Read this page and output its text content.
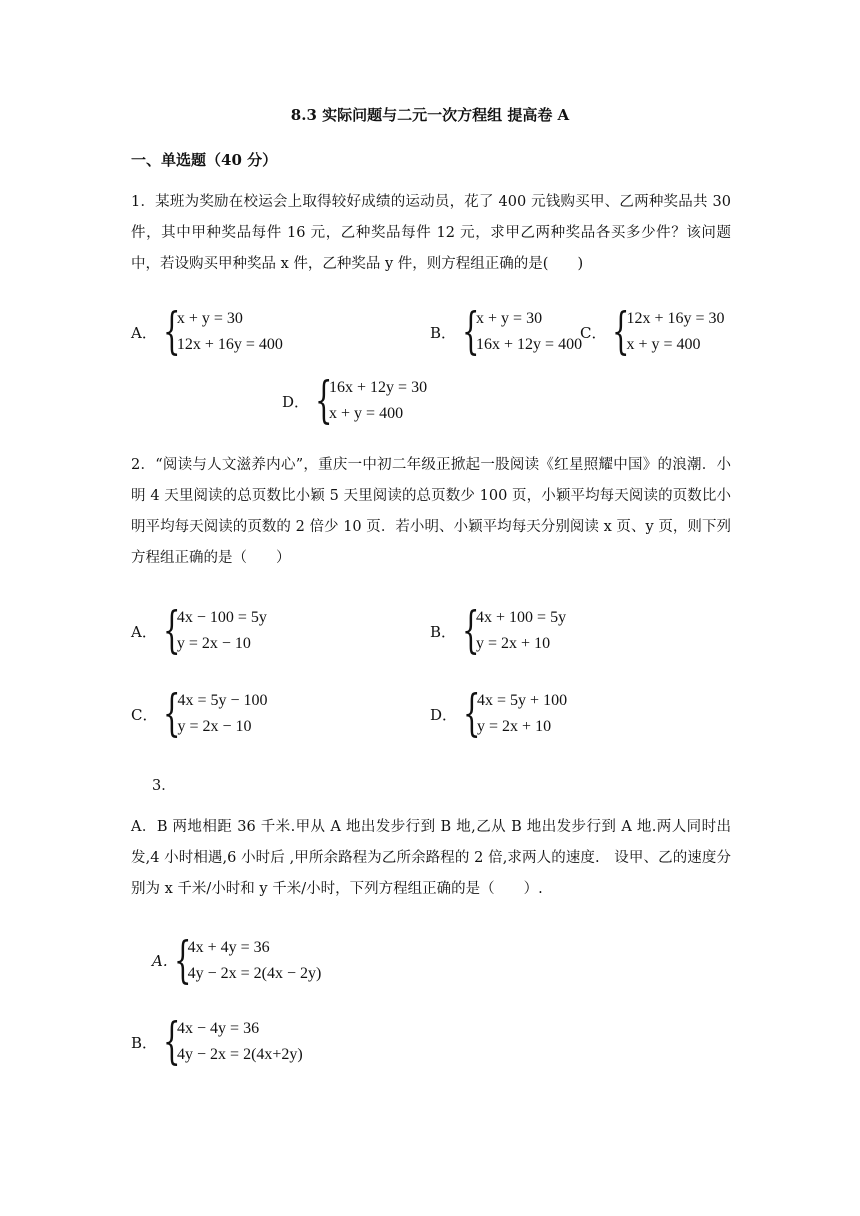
8.3 实际问题与二元一次方程组 提高卷 A
一、单选题（40 分）
1．某班为奖励在校运会上取得较好成绩的运动员，花了 400 元钱购买甲、乙两种奖品共 30 件，其中甲种奖品每件 16 元，乙种奖品每件 12 元，求甲乙两种奖品各买多少件？该问题中，若设购买甲种奖品 x 件，乙种奖品 y 件，则方程组正确的是(　　)
A． {
x + y = 30
12x + 16y = 400
B． {
x + y = 30
16x + 12y = 400
C． {
12x + 16y = 30
x + y = 400
D． {
16x + 12y = 30
x + y = 400
2．“阅读与人文滋养内心”，重庆一中初二年级正掀起一股阅读《红星照耀中国》的浪潮．小明 4 天里阅读的总页数比小颖 5 天里阅读的总页数少 100 页，小颖平均每天阅读的页数比小明平均每天阅读的页数的 2 倍少 10 页．若小明、小颖平均每天分别阅读 x 页、y 页，则下列方程组正确的是（　　）
A． {
4x − 100 = 5y
y = 2x − 10
B． {
4x + 100 = 5y
y = 2x + 10
C． {
4x = 5y − 100
y = 2x − 10
D． {
4x = 5y + 100
y = 2x + 10
3．
A．B 两地相距 36 千米.甲从 A 地出发步行到 B 地,乙从 B 地出发步行到 A 地.两人同时出发,4 小时相遇,6 小时后 ,甲所余路程为乙所余路程的 2 倍,求两人的速度.　设甲、乙的速度分别为 x 千米/小时和 y 千米/小时，下列方程组正确的是（　　）.
A. {
4x + 4y = 36
4y − 2x = 2(4x − 2y)
B． {
4x − 4y = 36
4y − 2x = 2(4x+2y)
